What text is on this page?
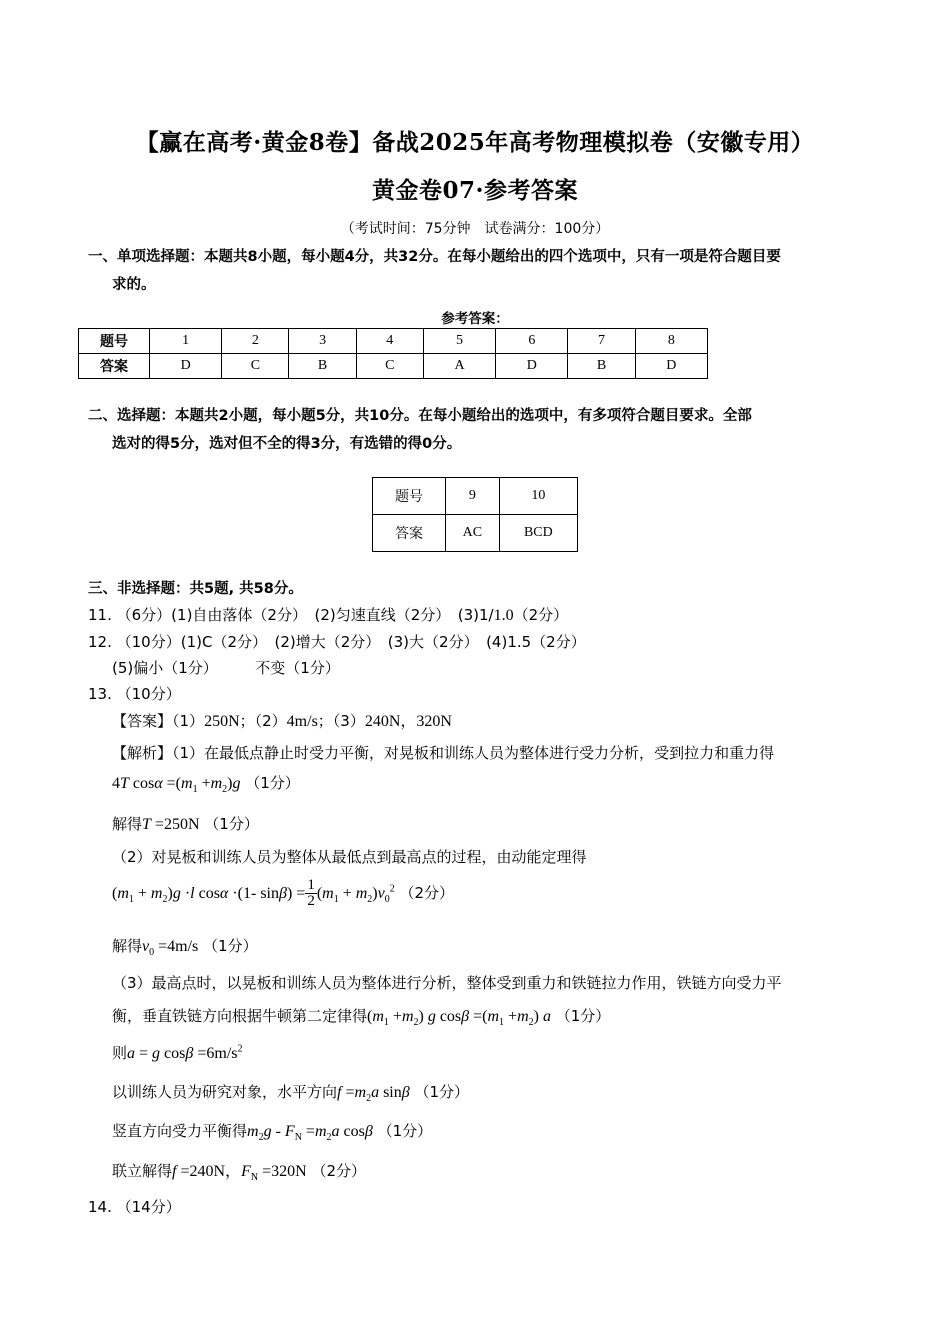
【赢在高考·黄金8卷】备战2025年高考物理模拟卷（安徽专用）
黄金卷07·参考答案
（考试时间：75分钟　试卷满分：100分）
一、单项选择题：本题共8小题，每小题4分，共32分。在每小题给出的四个选项中，只有一项是符合题目要
求的。
参考答案：
题号	1	2	3	4	5	6	7	8
答案	D	C	B	C	A	D	B	D
二、选择题：本题共2小题，每小题5分，共10分。在每小题给出的选项中，有多项符合题目要求。全部
选对的得5分，选对但不全的得3分，有选错的得0分。
题号	9	10
答案	AC	BCD
三、非选择题：共5题, 共58分。
11. （6分）(1)自由落体（2分）　(2)匀速直线（2分）　(3)1/1.0（2分）
12. （10分）(1)C（2分）　(2)增大（2分）　(3)大（2分）　(4)1.5（2分）
(5)偏小（1分）　　　不变（1分）
13. （10分）
【答案】（1）250N；（2）4m/s；（3）240N，320N
【解析】（1）在最低点静止时受力平衡，对晃板和训练人员为整体进行受力分析，受到拉力和重力得
4T $\cos\alpha =(m_1 +m_2)g$ （1分）
解得T =250N （1分）
（2）对晃板和训练人员为整体从最低点到最高点的过程，由动能定理得
$(m_1 + m_2)g \cdot l$ cosα ·(1- $\sin\beta) = \frac{1}{2} (m_1 + m_2)v_0^2$ （2分）
解得$v_0 =4m/s$ （1分）
（3）最高点时，以晃板和训练人员为整体进行分析，整体受到重力和铁链拉力作用，铁链方向受力平
衡，垂直铁链方向根据牛顿第二定律得$(m_1 +m_2)$ g $\cos\beta =(m_1 +m_2)$ a （1分）
则a = g $\cos\beta =6m/s^2$
以训练人员为研究对象，水平方向$f =m_2a$ sinβ （1分）
竖直方向受力平衡得$m_2g - F_N =m_2a$ cosβ （1分）
联立解得f =240N，$F_N =320N$ （2分）
14. （14分）
